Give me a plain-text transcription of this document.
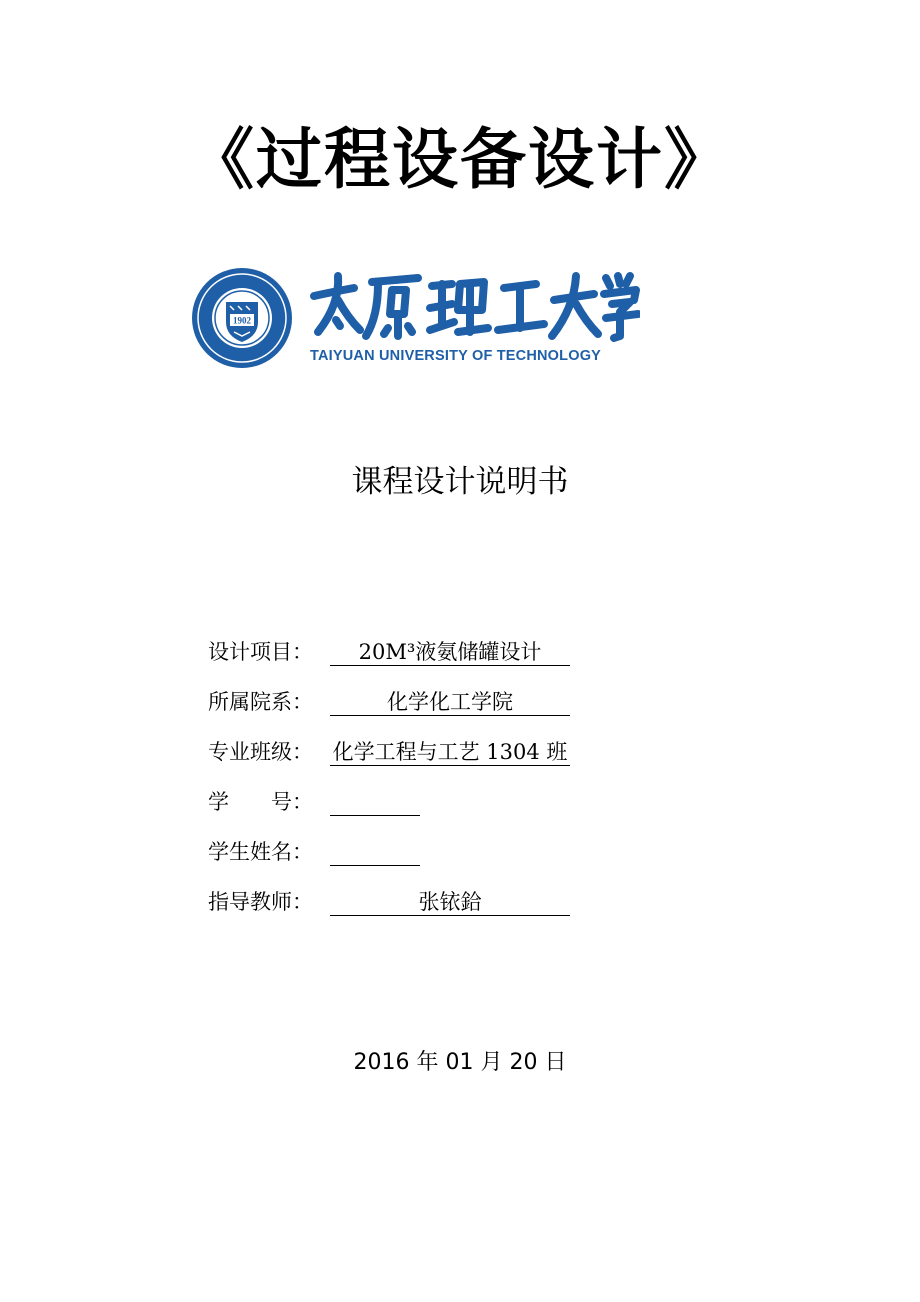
《过程设备设计》
1902
TAIYUAN UNIVERSITY OF TECHNOLOGY
课程设计说明书
设计项目：	20M³液氨储罐设计
所属院系：	化学化工学院
专业班级： 化学工程与工艺 1304 班
学　　号：

学生姓名：

指导教师：	张铱鉿
2016 年 01 月 20 日
